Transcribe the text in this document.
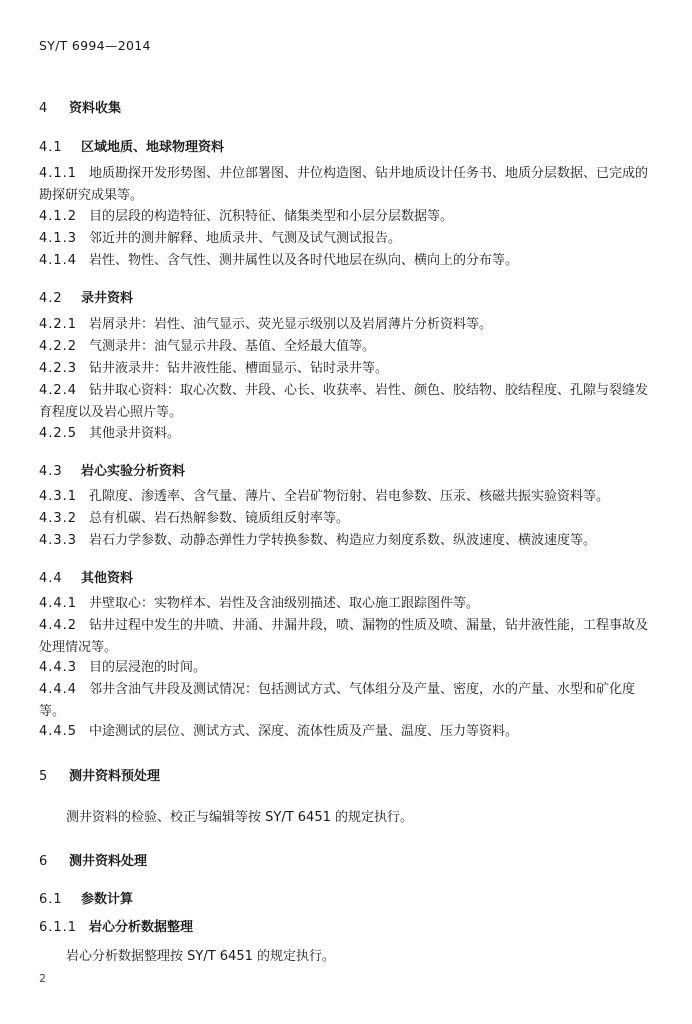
SY/T 6994—2014
4 资料收集
4.1 区域地质、地球物理资料
4.1.1 地质勘探开发形势图、井位部署图、井位构造图、钻井地质设计任务书、地质分层数据、已完成的勘探研究成果等。
4.1.2 目的层段的构造特征、沉积特征、储集类型和小层分层数据等。
4.1.3 邻近井的测井解释、地质录井、气测及试气测试报告。
4.1.4 岩性、物性、含气性、测井属性以及各时代地层在纵向、横向上的分布等。
4.2 录井资料
4.2.1 岩屑录井：岩性、油气显示、荧光显示级别以及岩屑薄片分析资料等。
4.2.2 气测录井：油气显示井段、基值、全烃最大值等。
4.2.3 钻井液录井：钻井液性能、槽面显示、钻时录井等。
4.2.4 钻井取心资料：取心次数、井段、心长、收获率、岩性、颜色、胶结物、胶结程度、孔隙与裂缝发育程度以及岩心照片等。
4.2.5 其他录井资料。
4.3 岩心实验分析资料
4.3.1 孔隙度、渗透率、含气量、薄片、全岩矿物衍射、岩电参数、压汞、核磁共振实验资料等。
4.3.2 总有机碳、岩石热解参数、镜质组反射率等。
4.3.3 岩石力学参数、动静态弹性力学转换参数、构造应力刻度系数、纵波速度、横波速度等。
4.4 其他资料
4.4.1 井壁取心：实物样本、岩性及含油级别描述、取心施工跟踪图件等。
4.4.2 钻井过程中发生的井喷、井涌、井漏井段，喷、漏物的性质及喷、漏量，钻井液性能，工程事故及处理情况等。
4.4.3 目的层浸泡的时间。
4.4.4 邻井含油气井段及测试情况：包括测试方式、气体组分及产量、密度，水的产量、水型和矿化度等。
4.4.5 中途测试的层位、测试方式、深度、流体性质及产量、温度、压力等资料。
5 测井资料预处理
测井资料的检验、校正与编辑等按 SY/T 6451 的规定执行。
6 测井资料处理
6.1 参数计算
6.1.1 岩心分析数据整理
岩心分析数据整理按 SY/T 6451 的规定执行。
2
